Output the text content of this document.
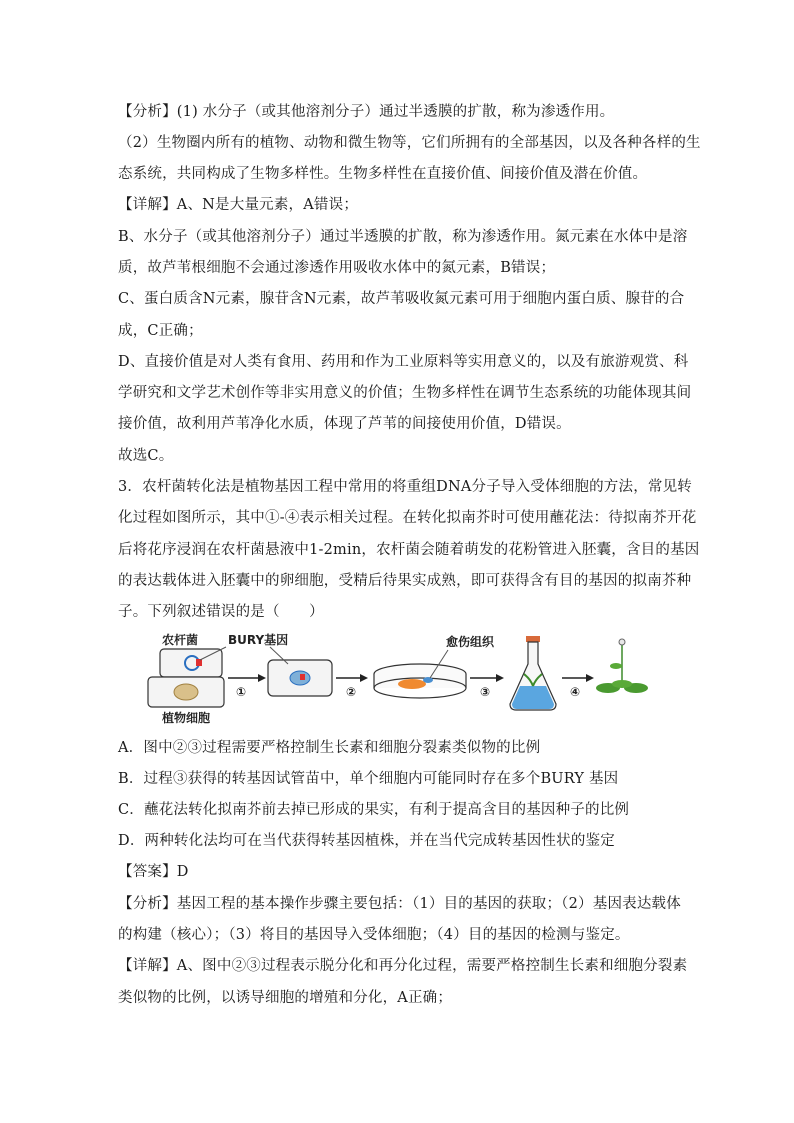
【分析】(1) 水分子（或其他溶剂分子）通过半透膜的扩散，称为渗透作用。
（2）生物圈内所有的植物、动物和微生物等，它们所拥有的全部基因，以及各种各样的生
态系统，共同构成了生物多样性。生物多样性在直接价值、间接价值及潜在价值。
【详解】A、N是大量元素，A错误；
B、水分子（或其他溶剂分子）通过半透膜的扩散，称为渗透作用。氮元素在水体中是溶
质，故芦苇根细胞不会通过渗透作用吸收水体中的氮元素，B错误；
C、蛋白质含N元素，腺苷含N元素，故芦苇吸收氮元素可用于细胞内蛋白质、腺苷的合
成，C正确；
D、直接价值是对人类有食用、药用和作为工业原料等实用意义的，以及有旅游观赏、科
学研究和文学艺术创作等非实用意义的价值；生物多样性在调节生态系统的功能体现其间
接价值，故利用芦苇净化水质，体现了芦苇的间接使用价值，D错误。
故选C。
3．农杆菌转化法是植物基因工程中常用的将重组DNA分子导入受体细胞的方法，常见转
化过程如图所示，其中①-④表示相关过程。在转化拟南芥时可使用蘸花法：待拟南芥开花
后将花序浸润在农杆菌悬液中1-2min，农杆菌会随着萌发的花粉管进入胚囊，含目的基因
的表达载体进入胚囊中的卵细胞，受精后待果实成熟，即可获得含有目的基因的拟南芥种
子。下列叙述错误的是（　　）
农杆菌 BURY基因
植物细胞
①	②
愈伤组织
③	④
A．图中②③过程需要严格控制生长素和细胞分裂素类似物的比例
B．过程③获得的转基因试管苗中，单个细胞内可能同时存在多个BURY 基因
C．蘸花法转化拟南芥前去掉已形成的果实，有利于提高含目的基因种子的比例
D．两种转化法均可在当代获得转基因植株，并在当代完成转基因性状的鉴定
【答案】D
【分析】基因工程的基本操作步骤主要包括：（1）目的基因的获取；（2）基因表达载体
的构建（核心）；（3）将目的基因导入受体细胞；（4）目的基因的检测与鉴定。
【详解】A、图中②③过程表示脱分化和再分化过程，需要严格控制生长素和细胞分裂素
类似物的比例，以诱导细胞的增殖和分化，A正确；
